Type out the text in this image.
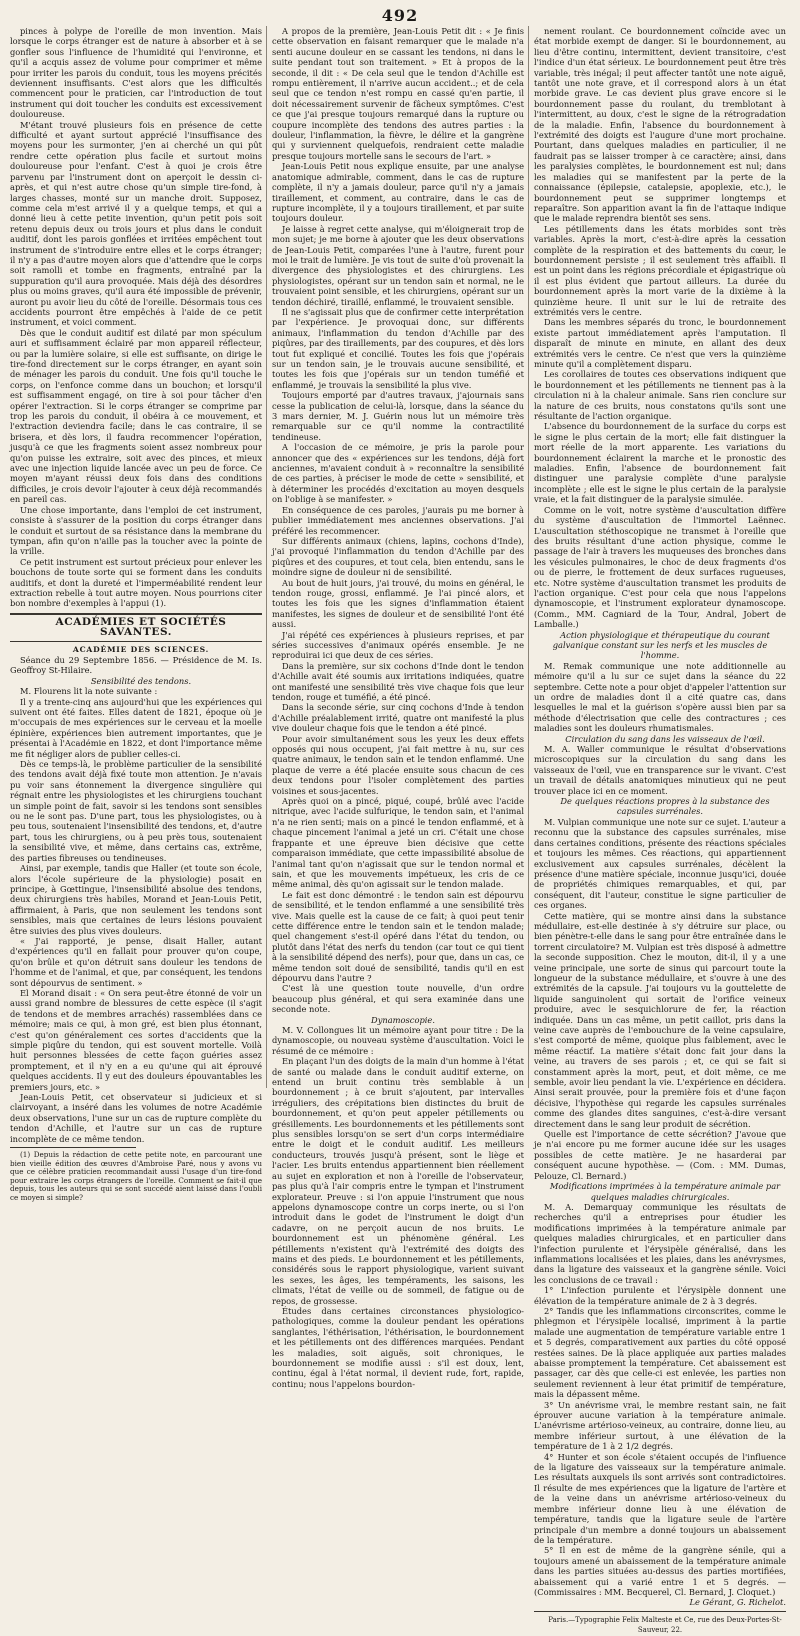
492

pinces à polype de l'oreille de mon invention. Mais lorsque le corps étranger est de nature à absorber et à se gonfler sous l'influence de l'humidité qui l'environne, et qu'il a acquis assez de volume pour comprimer et même pour irriter les parois du conduit, tous les moyens précités deviennent insuffisants. C'est alors que les difficultés commencent pour le praticien, car l'introduction de tout instrument qui doit toucher les conduits est excessivement douloureuse.

M'étant trouvé plusieurs fois en présence de cette difficulté et ayant surtout apprécié l'insuffisance des moyens pour les surmonter, j'en ai cherché un qui pût rendre cette opération plus facile et surtout moins douloureuse pour l'enfant. C'est à quoi je crois être parvenu par l'instrument dont on aperçoit le dessin ci-après, et qui n'est autre chose qu'un simple tire-fond, à larges chasses, monté sur un manche droit. Supposez, comme cela m'est arrivé il y a quelque temps, et qui a donné lieu à cette petite invention, qu'un petit pois soit retenu depuis deux ou trois jours et plus dans le conduit auditif, dont les parois gonflées et irritées empêchent tout instrument de s'introduire entre elles et le corps étranger; il n'y a pas d'autre moyen alors que d'attendre que le corps soit ramolli et tombe en fragments, entraîné par la suppuration qu'il aura provoquée. Mais déjà des désordres plus ou moins graves, qu'il aura été impossible de prévenir, auront pu avoir lieu du côté de l'oreille. Désormais tous ces accidents pourront être empêchés à l'aide de ce petit instrument, et voici comment.

Dès que le conduit auditif est dilaté par mon spéculum auri et suffisamment éclairé par mon appareil réflecteur, ou par la lumière solaire, si elle est suffisante, on dirige le tire-fond directement sur le corps étranger, en ayant soin de ménager les parois du conduit. Une fois qu'il touche le corps, on l'enfonce comme dans un bouchon; et lorsqu'il est suffisamment engagé, on tire à soi pour tâcher d'en opérer l'extraction. Si le corps étranger se comprime par trop les parois du conduit, il obéira à ce mouvement, et l'extraction deviendra facile; dans le cas contraire, il se brisera, et dès lors, il faudra recommencer l'opération, jusqu'à ce que les fragments soient assez nombreux pour qu'on puisse les extraire, soit avec des pinces, et mieux avec une injection liquide lancée avec un peu de force. Ce moyen m'ayant réussi deux fois dans des conditions difficiles, je crois devoir l'ajouter à ceux déjà recommandés en pareil cas.

Une chose importante, dans l'emploi de cet instrument, consiste à s'assurer de la position du corps étranger dans le conduit et surtout de sa résistance dans la membrane du tympan, afin qu'on n'aille pas la toucher avec la pointe de la vrille.

Ce petit instrument est surtout précieux pour enlever les bouchons de toute sorte qui se forment dans les conduits auditifs, et dont la dureté et l'imperméabilité rendent leur extraction rebelle à tout autre moyen. Nous pourrions citer bon nombre d'exemples à l'appui (1).

ACADÉMIES ET SOCIÉTÉS SAVANTES.

ACADÉMIE DES SCIENCES.

Séance du 29 Septembre 1856. — Présidence de M. Is. Geoffroy St-Hilaire.

Sensibilité des tendons.

M. Flourens lit la note suivante :

Il y a trente-cinq ans aujourd'hui que les expériences qui suivent ont été faites. Elles datent de 1821, époque où je m'occupais de mes expériences sur le cerveau et la moelle épinière, expériences bien autrement importantes, que je présentai à l'Académie en 1822, et dont l'importance même me fit négliger alors de publier celles-ci.

Dès ce temps-là, le problème particulier de la sensibilité des tendons avait déjà fixé toute mon attention. Je n'avais pu voir sans étonnement la divergence singulière qui régnait entre les physiologistes et les chirurgiens touchant un simple point de fait, savoir si les tendons sont sensibles ou ne le sont pas. D'une part, tous les physiologistes, ou à peu tous, soutenaient l'insensibilité des tendons, et, d'autre part, tous les chirurgiens, ou à peu près tous, soutenaient la sensibilité vive, et même, dans certains cas, extrême, des parties fibreuses ou tendineuses.

Ainsi, par exemple, tandis que Haller (et toute son école, alors l'école supérieure de la physiologie) posait en principe, à Gœttingue, l'insensibilité absolue des tendons, deux chirurgiens très habiles, Morand et Jean-Louis Petit, affirmaient, à Paris, que non seulement les tendons sont sensibles, mais que certaines de leurs lésions pouvaient être suivies des plus vives douleurs.

« J'ai rapporté, je pense, disait Haller, autant d'expériences qu'il en fallait pour prouver qu'on coupe, qu'on brûle et qu'on détruit sans douleur les tendons de l'homme et de l'animal, et que, par conséquent, les tendons sont dépourvus de sentiment. »

El Morand disait : « On sera peut-être étonné de voir un aussi grand nombre de blessures de cette espèce (il s'agit de tendons et de membres arrachés) rassemblées dans ce mémoire; mais ce qui, à mon gré, est bien plus étonnant, c'est qu'on généralement ces sortes d'accidents que la simple piqûre du tendon, qui est souvent mortelle. Voilà huit personnes blessées de cette façon guéries assez promptement, et il n'y en a eu qu'une qui ait éprouvé quelques accidents. Il y eut des douleurs épouvantables les premiers jours, etc. »

Jean-Louis Petit, cet observateur si judicieux et si clairvoyant, a inséré dans les volumes de notre Académie deux observations, l'une sur un cas de rupture complète du tendon d'Achille, et l'autre sur un cas de rupture incomplète de ce même tendon.

(1) Depuis la rédaction de cette petite note, en parcourant une bien vieille édition des œuvres d'Ambroise Paré, nous y avons vu que ce célèbre praticien recommandait aussi l'usage d'un tire-fond pour extraire les corps étrangers de l'oreille. Comment se fait-il que depuis, tous les auteurs qui se sont succédé aient laissé dans l'oubli ce moyen si simple?

A propos de la première, Jean-Louis Petit dit : « Je finis cette observation en faisant remarquer que le malade n'a senti aucune douleur en se cassant les tendons, ni dans le suite pendant tout son traitement. » Et à propos de la seconde, il dit : « De cela seul que le tendon d'Achille est rompu entièrement, il n'arrive aucun accident..; et de cela seul que ce tendon n'est rompu en cassé qu'en partie, il doit nécessairement survenir de fâcheux symptômes. C'est ce que j'ai presque toujours remarqué dans la rupture ou coupure incomplète des tendons des autres parties : la douleur, l'inflammation, la fièvre, le délire et la gangrène qui y surviennent quelquefois, rendraient cette maladie presque toujours mortelle sans le secours de l'art. »

Jean-Louis Petit nous explique ensuite, par une analyse anatomique admirable, comment, dans le cas de rupture complète, il n'y a jamais douleur, parce qu'il n'y a jamais tiraillement, et comment, au contraire, dans le cas de rupture incomplète, il y a toujours tiraillement, et par suite toujours douleur.

Je laisse à regret cette analyse, qui m'éloignerait trop de mon sujet; je me borne à ajouter que les deux observations de Jean-Louis Petit, comparées l'une à l'autre, furent pour moi le trait de lumière. Je vis tout de suite d'où provenait la divergence des physiologistes et des chirurgiens. Les physiologistes, opérant sur un tendon sain et normal, ne le trouvaient point sensible, et les chirurgiens, opérant sur un tendon déchiré, tiraillé, enflammé, le trouvaient sensible.

Il ne s'agissait plus que de confirmer cette interprétation par l'expérience. Je provoquai donc, sur différents animaux, l'inflammation du tendon d'Achille par des piqûres, par des tiraillements, par des coupures, et dès lors tout fut expliqué et concilié. Toutes les fois que j'opérais sur un tendon sain, je le trouvais aucune sensibilité, et toutes les fois que j'opérais sur un tendon tuméfié et enflammé, je trouvais la sensibilité la plus vive.

Toujours emporté par d'autres travaux, j'ajournais sans cesse la publication de celui-là, lorsque, dans la séance du 3 mars dernier, M. J. Guérin nous lut un mémoire très remarquable sur ce qu'il nomme la contractilité tendineuse.

A l'occasion de ce mémoire, je pris la parole pour annoncer que des « expériences sur les tendons, déjà fort anciennes, m'avaient conduit à » reconnaître la sensibilité de ces parties, à préciser le mode de cette » sensibilité, et à déterminer les procédés d'excitation au moyen desquels on l'oblige à se manifester. »

En conséquence de ces paroles, j'aurais pu me borner à publier immédiatement mes anciennes observations. J'ai préféré les recommencer.

Sur différents animaux (chiens, lapins, cochons d'Inde), j'ai provoqué l'inflammation du tendon d'Achille par des piqûres et des coupures, et tout cela, bien entendu, sans le moindre signe de douleur ni de sensibilité.

Au bout de huit jours, j'ai trouvé, du moins en général, le tendon rouge, grossi, enflammé. Je l'ai pincé alors, et toutes les fois que les signes d'inflammation étaient manifestes, les signes de douleur et de sensibilité l'ont été aussi.

J'ai répété ces expériences à plusieurs reprises, et par séries successives d'animaux opérés ensemble. Je ne reproduirai ici que deux de ces séries.

Dans la première, sur six cochons d'Inde dont le tendon d'Achille avait été soumis aux irritations indiquées, quatre ont manifesté une sensibilité très vive chaque fois que leur tendon, rouge et tuméfié, a été pincé.

Dans la seconde série, sur cinq cochons d'Inde à tendon d'Achille préalablement irrité, quatre ont manifesté la plus vive douleur chaque fois que le tendon a été pincé.

Pour avoir simultanément sous les yeux les deux effets opposés qui nous occupent, j'ai fait mettre à nu, sur ces quatre animaux, le tendon sain et le tendon enflammé. Une plaque de verre a été placée ensuite sous chacun de ces deux tendons pour l'isoler complètement des parties voisines et sous-jacentes.

Après quoi on a pincé, piqué, coupé, brûlé avec l'acide nitrique, avec l'acide sulfurique, le tendon sain, et l'animal n'a ne rien senti; mais on a pincé le tendon enflammé, et à chaque pincement l'animal a jeté un cri. C'était une chose frappante et une épreuve bien décisive que cette comparaison immédiate, que cette impassibilité absolue de l'animal tant qu'on n'agissait que sur le tendon normal et sain, et que les mouvements impétueux, les cris de ce même animal, dès qu'on agissait sur le tendon malade.

Le fait est donc démontré : le tendon sain est dépourvu de sensibilité, et le tendon enflammé a une sensibilité très vive. Mais quelle est la cause de ce fait; à quoi peut tenir cette différence entre le tendon sain et le tendon malade; quel changement s'est-il opéré dans l'état du tendon, ou plutôt dans l'état des nerfs du tendon (car tout ce qui tient à la sensibilité dépend des nerfs), pour que, dans un cas, ce même tendon soit doué de sensibilité, tandis qu'il en est dépourvu dans l'autre ?

C'est là une question toute nouvelle, d'un ordre beaucoup plus général, et qui sera examinée dans une seconde note.

Dynamoscopie.

M. V. Collongues lit un mémoire ayant pour titre : De la dynamoscopie, ou nouveau système d'auscultation. Voici le résumé de ce mémoire :

En plaçant l'un des doigts de la main d'un homme à l'état de santé ou malade dans le conduit auditif externe, on entend un bruit continu très semblable à un bourdonnement ; à ce bruit s'ajoutent, par intervalles irréguliers, des crépitations bien distinctes du bruit de bourdonnement, et qu'on peut appeler pétillements ou grésillements. Les bourdonnements et les pétillements sont plus sensibles lorsqu'on se sert d'un corps intermédiaire entre le doigt et le conduit auditif. Les meilleurs conducteurs, trouvés jusqu'à présent, sont le liège et l'acier. Les bruits entendus appartiennent bien réellement au sujet en exploration et non à l'oreille de l'observateur, pas plus qu'à l'air compris entre le tympan et l'instrument explorateur. Preuve : si l'on appuie l'instrument que nous appelons dynamoscope contre un corps inerte, ou si l'on introduit dans le godet de l'instrument le doigt d'un cadavre, on ne perçoit aucun de nos bruits. Le bourdonnement est un phénomène général. Les pétillements n'existent qu'à l'extrémité des doigts des mains et des pieds. Le bourdonnement et les pétillements, considérés sous le rapport physiologique, varient suivant les sexes, les âges, les tempéraments, les saisons, les climats, l'état de veille ou de sommeil, de fatigue ou de repos, de grossesse.

Études dans certaines circonstances physiologico-pathologiques, comme la douleur pendant les opérations sanglantes, l'éthérisation, l'éthérisation, le bourdonnement et les pétillements ont des différences marquées. Pendant les maladies, soit aiguës, soit chroniques, le bourdonnement se modifie aussi : s'il est doux, lent, continu, égal à l'état normal, il devient rude, fort, rapide, continu; nous l'appelons bourdon-

nement roulant. Ce bourdonnement coïncide avec un état morbide exempt de danger. Si le bourdonnement, au lieu d'être continu, intermittent, devient transitoire, c'est l'indice d'un état sérieux. Le bourdonnement peut être très variable, très inégal; il peut affecter tantôt une note aiguë, tantôt une note grave, et il correspond alors à un état morbide grave. Le cas devient plus grave encore si le bourdonnement passe du roulant, du tremblotant à l'intermittent, au doux, c'est le signe de la rétrogradation de la maladie. Enfin, l'absence du bourdonnement à l'extrémité des doigts est l'augure d'une mort prochaine. Pourtant, dans quelques maladies en particulier, il ne faudrait pas se laisser tromper à ce caractère; ainsi, dans les paralysies complètes, le bourdonnement est nul; dans les maladies qui se manifestent par la perte de la connaissance (épilepsie, catalepsie, apoplexie, etc.), le bourdonnement peut se supprimer longtemps et reparaître. Son apparition avant la fin de l'attaque indique que le malade reprendra bientôt ses sens.

Les pétillements dans les états morbides sont très variables. Après la mort, c'est-à-dire après la cessation complète de la respiration et des battements du cœur, le bourdonnement persiste ; il est seulement très affaibli. Il est un point dans les régions précordiale et épigastrique où il est plus évident que partout ailleurs. La durée du bourdonnement après la mort varie de la dixième à la quinzième heure. Il unit sur le lui de retraite des extrémités vers le centre.

Dans les membres séparés du tronc, le bourdonnement existe partout immédiatement après l'amputation. Il disparaît de minute en minute, en allant des deux extrémités vers le centre. Ce n'est que vers la quinzième minute qu'il a complètement disparu.

Les corollaires de toutes ces observations indiquent que le bourdonnement et les pétillements ne tiennent pas à la circulation ni à la chaleur animale. Sans rien conclure sur la nature de ces bruits, nous constatons qu'ils sont une résultante de l'action organique.

L'absence du bourdonnement de la surface du corps est le signe le plus certain de la mort; elle fait distinguer la mort réelle de la mort apparente. Les variations du bourdonnement éclairent la marche et le pronostic des maladies. Enfin, l'absence de bourdonnement fait distinguer une paralysie complète d'une paralysie incomplète ; elle est le signe le plus certain de la paralysie vraie, et la fait distinguer de la paralysie simulée.

Comme on le voit, notre système d'auscultation diffère du système d'auscultation de l'immortel Laënnec. L'auscultation stéthoscopique ne transmet à l'oreille que des bruits résultant d'une action physique, comme le passage de l'air à travers les muqueuses des bronches dans les vésicules pulmonaires, le choc de deux fragments d'os ou de pierre, le frottement de deux surfaces rugueuses, etc. Notre système d'auscultation transmet les produits de l'action organique. C'est pour cela que nous l'appelons dynamoscopie, et l'instrument explorateur dynamoscope. (Comm., MM. Cagniard de la Tour, Andral, Jobert de Lamballe.)

Action physiologique et thérapeutique du courant galvanique constant sur les nerfs et les muscles de l'homme.

M. Remak communique une note additionnelle au mémoire qu'il a lu sur ce sujet dans la séance du 22 septembre. Cette note a pour objet d'appeler l'attention sur un ordre de maladies dont il a cité quatre cas, dans lesquelles le mal et la guérison s'opère aussi bien par sa méthode d'électrisation que celle des contractures ; ces maladies sont les douleurs rhumatismales.

Circulation du sang dans les vaisseaux de l'œil.

M. A. Waller communique le résultat d'observations microscopiques sur la circulation du sang dans les vaisseaux de l'œil, vue en transparence sur le vivant. C'est un travail de détails anatomiques minutieux qui ne peut trouver place ici en ce moment.

De quelques réactions propres à la substance des capsules surrénales.

M. Vulpian communique une note sur ce sujet. L'auteur a reconnu que la substance des capsules surrénales, mise dans certaines conditions, présente des réactions spéciales et toujours les mêmes. Ces réactions, qui appartiennent exclusivement aux capsules surrénales, décèlent la présence d'une matière spéciale, inconnue jusqu'ici, douée de propriétés chimiques remarquables, et qui, par conséquent, dit l'auteur, constitue le signe particulier de ces organes.

Cette matière, qui se montre ainsi dans la substance médullaire, est-elle destinée à s'y détruire sur place, ou bien pénètre-t-elle dans le sang pour être entraînée dans le torrent circulatoire? M. Vulpian est très disposé à admettre la seconde supposition. Chez le mouton, dit-il, il y a une veine principale, une sorte de sinus qui parcourt toute la longueur de la substance médullaire, et s'ouvre à une des extrémités de la capsule. J'ai toujours vu la gouttelette de liquide sanguinolent qui sortait de l'orifice veineux produire, avec le sesquichlorure de fer, la réaction indiquée. Dans un cas même, un petit caillot, pris dans la veine cave auprès de l'embouchure de la veine capsulaire, s'est comporté de même, quoique plus faiblement, avec le même réactif. La matière s'était donc fait jour dans la veine, au travers de ses parois ; et, ce qui se fait si constamment après la mort, peut, et doit même, ce me semble, avoir lieu pendant la vie. L'expérience en décidera. Ainsi serait prouvée, pour la première fois et d'une façon décisive, l'hypothèse qui regarde les capsules surrénales comme des glandes dites sanguines, c'est-à-dire versant directement dans le sang leur produit de sécrétion.

Quelle est l'importance de cette sécrétion? J'avoue que je n'ai encore pu me former aucune idée sur les usages possibles de cette matière. Je ne hasarderai par conséquent aucune hypothèse. — (Com. : MM. Dumas, Pelouze, Cl. Bernard.)

Modifications imprimées à la température animale par quelques maladies chirurgicales.

M. A. Demarquay communique les résultats de recherches qu'il a entreprises pour étudier les modifications imprimées à la température animale par quelques maladies chirurgicales, et en particulier dans l'infection purulente et l'érysipèle généralisé, dans les inflammations localisées et les plaies, dans les anévrysmes, dans la ligature des vaisseaux et la gangrène sénile. Voici les conclusions de ce travail :

1° L'infection purulente et l'érysipèle donnent une élévation de la température animale de 2 à 3 degrés.

2° Tandis que les inflammations circonscrites, comme le phlegmon et l'érysipèle localisé, impriment à la partie malade une augmentation de température variable entre 1 et 5 degrés, comparativement aux parties du côté opposé restées saines. De là place appliquée aux parties malades abaisse promptement la température. Cet abaissement est passager, car dès que celle-ci est enlevée, les parties non seulement reviennent à leur état primitif de température, mais la dépassent même.

3° Un anévrisme vrai, le membre restant sain, ne fait éprouver aucune variation à la température animale. L'anévrisme artérioso-veineux, au contraire, donne lieu, au membre inférieur surtout, à une élévation de la température de 1 à 2 1/2 degrés.

4° Hunter et son école s'étaient occupés de l'influence de la ligature des vaisseaux sur la température animale. Les résultats auxquels ils sont arrivés sont contradictoires. Il résulte de mes expériences que la ligature de l'artère et de la veine dans un anévrisme artérioso-veineux du membre inférieur donne lieu à une élévation de température, tandis que la ligature seule de l'artère principale d'un membre a donné toujours un abaissement de la température.

5° Il en est de même de la gangrène sénile, qui a toujours amené un abaissement de la température animale dans les parties situées au-dessus des parties mortifiées, abaissement qui a varié entre 1 et 5 degrés. — (Commissaires : MM. Becquerel, Cl. Bernard, J. Cloquet.)

Le Gérant, G. Richelot.

Paris.—Typographie Felix Malteste et Ce, rue des Deux-Portes-St-Sauveur, 22.
